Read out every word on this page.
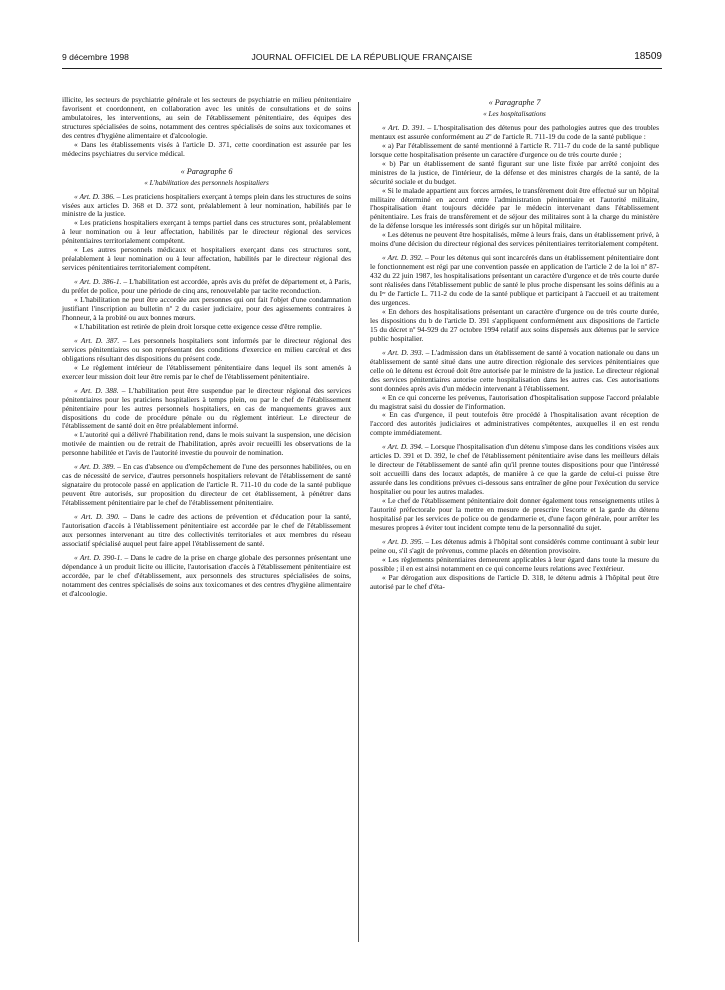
9 décembre 1998	JOURNAL OFFICIEL DE LA RÉPUBLIQUE FRANÇAISE	18509

illicite, les secteurs de psychiatrie générale et les secteurs de psychiatrie en milieu pénitentiaire favorisent et coordonnent, en collaboration avec les unités de consultations et de soins ambulatoires, les interventions, au sein de l'établissement pénitentiaire, des équipes des structures spécialisées de soins, notamment des centres spécialisés de soins aux toxicomanes et des centres d'hygiène alimentaire et d'alcoologie.

« Dans les établissements visés à l'article D. 371, cette coordination est assurée par les médecins psychiatres du service médical.

« Paragraphe 6

« L'habilitation des personnels hospitaliers

« Art. D. 386. – Les praticiens hospitaliers exerçant à temps plein dans les structures de soins visées aux articles D. 368 et D. 372 sont, préalablement à leur nomination, habilités par le ministre de la justice.

« Les praticiens hospitaliers exerçant à temps partiel dans ces structures sont, préalablement à leur nomination ou à leur affectation, habilités par le directeur régional des services pénitentiaires territorialement compétent.

« Les autres personnels médicaux et hospitaliers exerçant dans ces structures sont, préalablement à leur nomination ou à leur affectation, habilités par le directeur régional des services pénitentiaires territorialement compétent.

« Art. D. 386-1. – L'habilitation est accordée, après avis du préfet de département et, à Paris, du préfet de police, pour une période de cinq ans, renouvelable par tacite reconduction.

« L'habilitation ne peut être accordée aux personnes qui ont fait l'objet d'une condamnation justifiant l'inscription au bulletin nº 2 du casier judiciaire, pour des agissements contraires à l'honneur, à la probité ou aux bonnes mœurs.

« L'habilitation est retirée de plein droit lorsque cette exigence cesse d'être remplie.

« Art. D. 387. – Les personnels hospitaliers sont informés par le directeur régional des services pénitentiaires ou son représentant des conditions d'exercice en milieu carcéral et des obligations résultant des dispositions du présent code.

« Le règlement intérieur de l'établissement pénitentiaire dans lequel ils sont amenés à exercer leur mission doit leur être remis par le chef de l'établissement pénitentiaire.

« Art. D. 388. – L'habilitation peut être suspendue par le directeur régional des services pénitentiaires pour les praticiens hospitaliers à temps plein, ou par le chef de l'établissement pénitentiaire pour les autres personnels hospitaliers, en cas de manquements graves aux dispositions du code de procédure pénale ou du règlement intérieur. Le directeur de l'établissement de santé doit en être préalablement informé.

« L'autorité qui a délivré l'habilitation rend, dans le mois suivant la suspension, une décision motivée de maintien ou de retrait de l'habilitation, après avoir recueilli les observations de la personne habilitée et l'avis de l'autorité investie du pouvoir de nomination.

« Art. D. 389. – En cas d'absence ou d'empêchement de l'une des personnes habilitées, ou en cas de nécessité de service, d'autres personnels hospitaliers relevant de l'établissement de santé signataire du protocole passé en application de l'article R. 711-10 du code de la santé publique peuvent être autorisés, sur proposition du directeur de cet établissement, à pénétrer dans l'établissement pénitentiaire par le chef de l'établissement pénitentiaire.

« Art. D. 390. – Dans le cadre des actions de prévention et d'éducation pour la santé, l'autorisation d'accès à l'établissement pénitentiaire est accordée par le chef de l'établissement aux personnes intervenant au titre des collectivités territoriales et aux membres du réseau associatif spécialisé auquel peut faire appel l'établissement de santé.

« Art. D. 390-1. – Dans le cadre de la prise en charge globale des personnes présentant une dépendance à un produit licite ou illicite, l'autorisation d'accès à l'établissement pénitentiaire est accordée, par le chef d'établissement, aux personnels des structures spécialisées de soins, notamment des centres spécialisés de soins aux toxicomanes et des centres d'hygiène alimentaire et d'alcoologie.

« Paragraphe 7

« Les hospitalisations

« Art. D. 391. – L'hospitalisation des détenus pour des pathologies autres que des troubles mentaux est assurée conformément au 2º de l'article R. 711-19 du code de la santé publique :

« a) Par l'établissement de santé mentionné à l'article R. 711-7 du code de la santé publique lorsque cette hospitalisation présente un caractère d'urgence ou de très courte durée ;

« b) Par un établissement de santé figurant sur une liste fixée par arrêté conjoint des ministres de la justice, de l'intérieur, de la défense et des ministres chargés de la santé, de la sécurité sociale et du budget.

« Si le malade appartient aux forces armées, le transfèrement doit être effectué sur un hôpital militaire déterminé en accord entre l'administration pénitentiaire et l'autorité militaire, l'hospitalisation étant toujours décidée par le médecin intervenant dans l'établissement pénitentiaire. Les frais de transfèrement et de séjour des militaires sont à la charge du ministère de la défense lorsque les intéressés sont dirigés sur un hôpital militaire.

« Les détenus ne peuvent être hospitalisés, même à leurs frais, dans un établissement privé, à moins d'une décision du directeur régional des services pénitentiaires territorialement compétent.

« Art. D. 392. – Pour les détenus qui sont incarcérés dans un établissement pénitentiaire dont le fonctionnement est régi par une convention passée en application de l'article 2 de la loi nº 87-432 du 22 juin 1987, les hospitalisations présentant un caractère d'urgence et de très courte durée sont réalisées dans l'établissement public de santé le plus proche dispensant les soins définis au a du Iᵉʳ de l'article L. 711-2 du code de la santé publique et participant à l'accueil et au traitement des urgences.

« En dehors des hospitalisations présentant un caractère d'urgence ou de très courte durée, les dispositions du b de l'article D. 391 s'appliquent conformément aux dispositions de l'article 15 du décret nº 94-929 du 27 octobre 1994 relatif aux soins dispensés aux détenus par le service public hospitalier.

« Art. D. 393. – L'admission dans un établissement de santé à vocation nationale ou dans un établissement de santé situé dans une autre direction régionale des services pénitentiaires que celle où le détenu est écroué doit être autorisée par le ministre de la justice. Le directeur régional des services pénitentiaires autorise cette hospitalisation dans les autres cas. Ces autorisations sont données après avis d'un médecin intervenant à l'établissement.

« En ce qui concerne les prévenus, l'autorisation d'hospitalisation suppose l'accord préalable du magistrat saisi du dossier de l'information.

« En cas d'urgence, il peut toutefois être procédé à l'hospitalisation avant réception de l'accord des autorités judiciaires et administratives compétentes, auxquelles il en est rendu compte immédiatement.

« Art. D. 394. – Lorsque l'hospitalisation d'un détenu s'impose dans les conditions visées aux articles D. 391 et D. 392, le chef de l'établissement pénitentiaire avise dans les meilleurs délais le directeur de l'établissement de santé afin qu'il prenne toutes dispositions pour que l'intéressé soit accueilli dans des locaux adaptés, de manière à ce que la garde de celui-ci puisse être assurée dans les conditions prévues ci-dessous sans entraîner de gêne pour l'exécution du service hospitalier ou pour les autres malades.

« Le chef de l'établissement pénitentiaire doit donner également tous renseignements utiles à l'autorité préfectorale pour la mettre en mesure de prescrire l'escorte et la garde du détenu hospitalisé par les services de police ou de gendarmerie et, d'une façon générale, pour arrêter les mesures propres à éviter tout incident compte tenu de la personnalité du sujet.

« Art. D. 395. – Les détenus admis à l'hôpital sont considérés comme continuant à subir leur peine ou, s'il s'agit de prévenus, comme placés en détention provisoire.

« Les règlements pénitentiaires demeurent applicables à leur égard dans toute la mesure du possible ; il en est ainsi notamment en ce qui concerne leurs relations avec l'extérieur.

« Par dérogation aux dispositions de l'article D. 318, le détenu admis à l'hôpital peut être autorisé par le chef d'éta-
